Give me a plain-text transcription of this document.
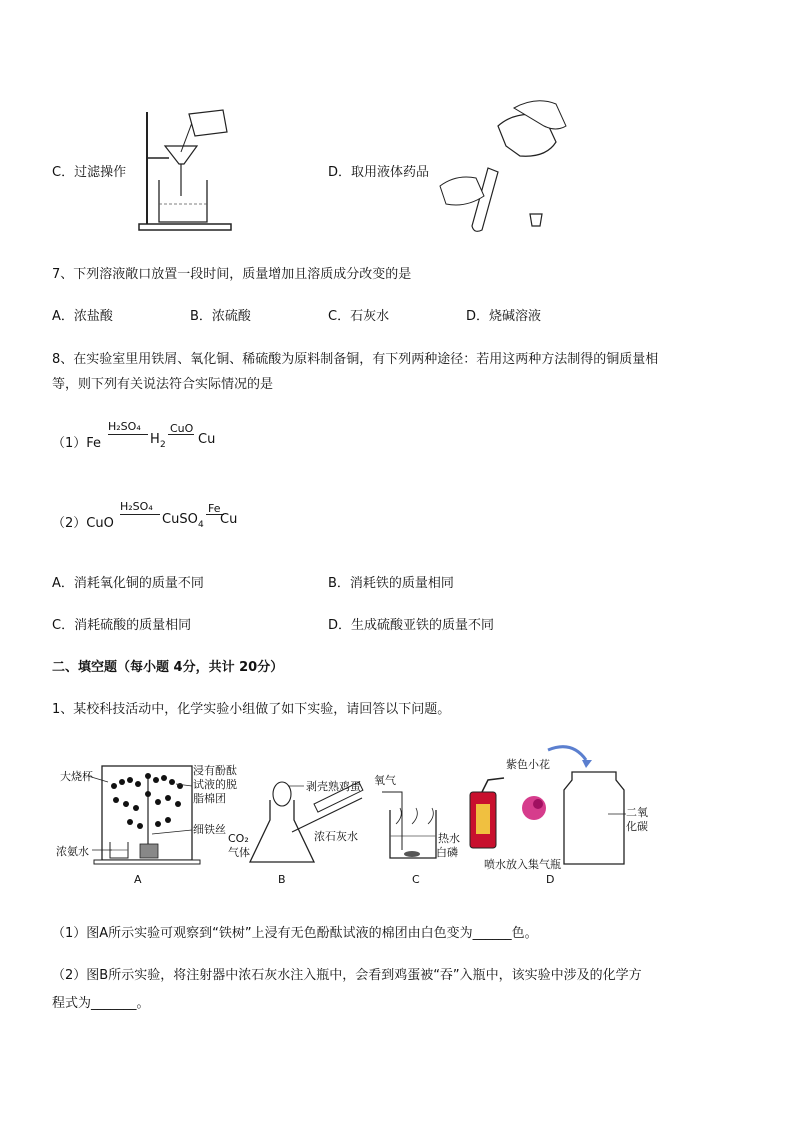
C．过滤操作	D．取用液体药品
7、下列溶液敞口放置一段时间，质量增加且溶质成分改变的是
A．浓盐酸	B．浓硫酸	C．石灰水	D．烧碱溶液
8、在实验室里用铁屑、氧化铜、稀硫酸为原料制备铜，有下列两种途径：若用这两种方法制得的铜质量相
等，则下列有关说法符合实际情况的是
（1）Fe
H₂SO₄
H 2
CuO
Cu
（2）CuO
H₂SO₄
CuSO 4
Fe
Cu
A．消耗氧化铜的质量不同	B．消耗铁的质量相同
C．消耗硫酸的质量相同	D．生成硫酸亚铁的质量不同
二、填空题（每小题 4分，共计 20分）
1、某校科技活动中，化学实验小组做了如下实验，请回答以下问题。
大烧杯	浸有酚酞
试液的脱
脂棉团
细铁丝
浓氨水
A
剥壳熟鸡蛋
CO₂
气体
浓石灰水
B
氧气
热水
白磷
C
紫色小花
二氧
化碳
喷水放入集气瓶
D
（1）图A所示实验可观察到“铁树”上浸有无色酚酞试液的棉团由白色变为______色。
（2）图B所示实验，将注射器中浓石灰水注入瓶中，会看到鸡蛋被“吞”入瓶中，该实验中涉及的化学方
程式为_______。
